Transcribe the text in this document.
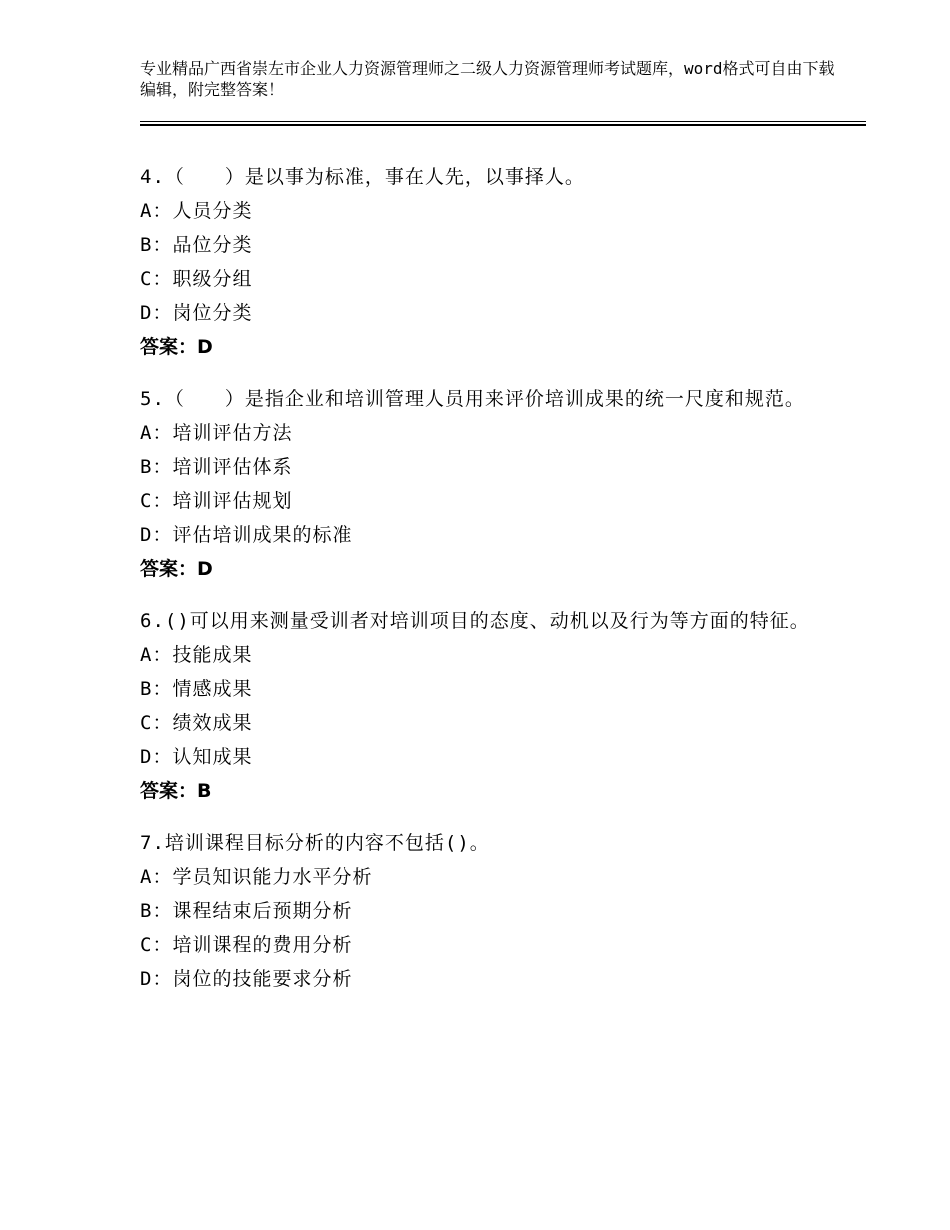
专业精品广西省崇左市企业人力资源管理师之二级人力资源管理师考试题库，word格式可自由下载编辑，附完整答案！
4.（　　）是以事为标准，事在人先，以事择人。
A：人员分类
B：品位分类
C：职级分组
D：岗位分类
答案：D
5.（　　）是指企业和培训管理人员用来评价培训成果的统一尺度和规范。
A：培训评估方法
B：培训评估体系
C：培训评估规划
D：评估培训成果的标准
答案：D
6.()可以用来测量受训者对培训项目的态度、动机以及行为等方面的特征。
A：技能成果
B：情感成果
C：绩效成果
D：认知成果
答案：B
7.培训课程目标分析的内容不包括()。
A：学员知识能力水平分析
B：课程结束后预期分析
C：培训课程的费用分析
D：岗位的技能要求分析
